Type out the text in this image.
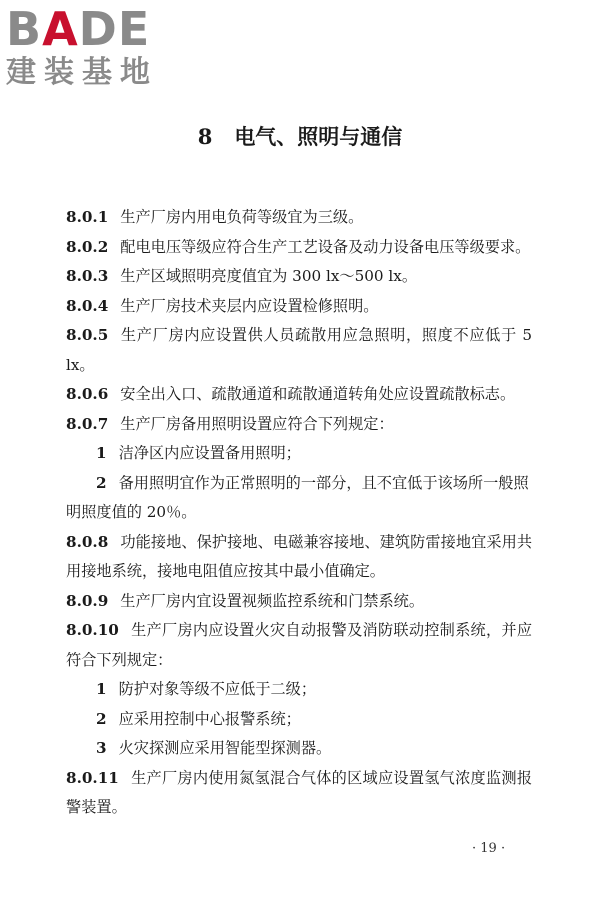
BADE
建装基地
8 电气、照明与通信

8.0.1 生产厂房内用电负荷等级宜为三级。

8.0.2 配电电压等级应符合生产工艺设备及动力设备电压等级要求。

8.0.3 生产区域照明亮度值宜为 300 lx～500 lx。

8.0.4 生产厂房技术夹层内应设置检修照明。

8.0.5 生产厂房内应设置供人员疏散用应急照明，照度不应低于 5 lx。

8.0.6 安全出入口、疏散通道和疏散通道转角处应设置疏散标志。

8.0.7 生产厂房备用照明设置应符合下列规定：

1 洁净区内应设置备用照明；

2 备用照明宜作为正常照明的一部分，且不宜低于该场所一般照明照度值的 20％。

8.0.8 功能接地、保护接地、电磁兼容接地、建筑防雷接地宜采用共用接地系统，接地电阻值应按其中最小值确定。

8.0.9 生产厂房内宜设置视频监控系统和门禁系统。

8.0.10 生产厂房内应设置火灾自动报警及消防联动控制系统，并应符合下列规定：

1 防护对象等级不应低于二级；

2 应采用控制中心报警系统；

3 火灾探测应采用智能型探测器。

8.0.11 生产厂房内使用氮氢混合气体的区域应设置氢气浓度监测报警装置。

· 19 ·
